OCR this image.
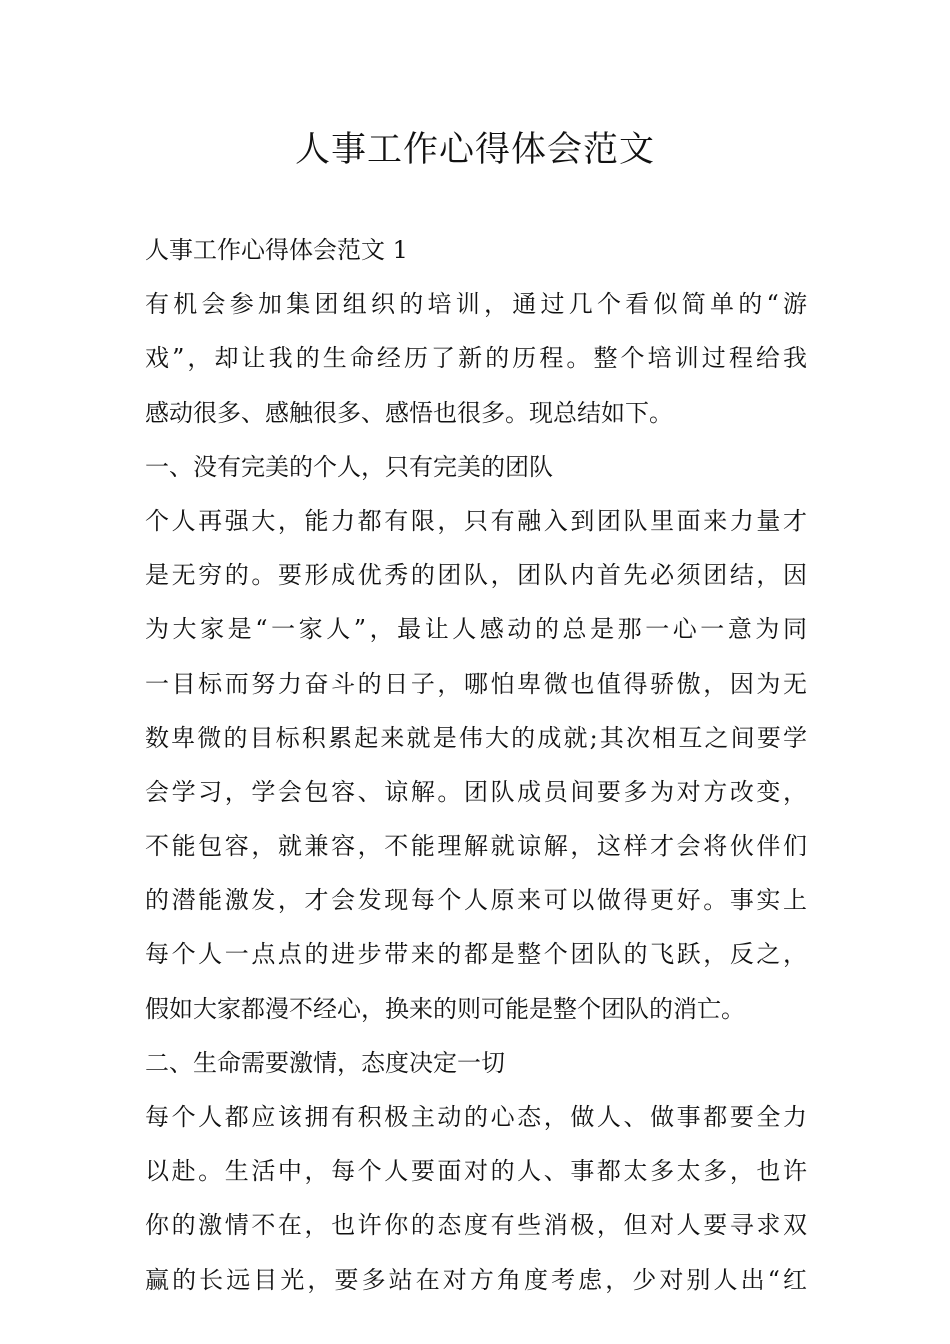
人事工作心得体会范文
人事工作心得体会范文 1
有机会参加集团组织的培训，通过几个看似简单的“游
戏”，却让我的生命经历了新的历程。整个培训过程给我
感动很多、感触很多、感悟也很多。现总结如下。
一、没有完美的个人，只有完美的团队
个人再强大，能力都有限，只有融入到团队里面来力量才
是无穷的。要形成优秀的团队，团队内首先必须团结，因
为大家是“一家人”，最让人感动的总是那一心一意为同
一目标而努力奋斗的日子，哪怕卑微也值得骄傲，因为无
数卑微的目标积累起来就是伟大的成就;其次相互之间要学
会学习，学会包容、谅解。团队成员间要多为对方改变，
不能包容，就兼容，不能理解就谅解，这样才会将伙伴们
的潜能激发，才会发现每个人原来可以做得更好。事实上
每个人一点点的进步带来的都是整个团队的飞跃，反之，
假如大家都漫不经心，换来的则可能是整个团队的消亡。
二、生命需要激情，态度决定一切
每个人都应该拥有积极主动的心态，做人、做事都要全力
以赴。生活中，每个人要面对的人、事都太多太多，也许
你的激情不在，也许你的态度有些消极，但对人要寻求双
赢的长远目光，要多站在对方角度考虑，少对别人出“红
